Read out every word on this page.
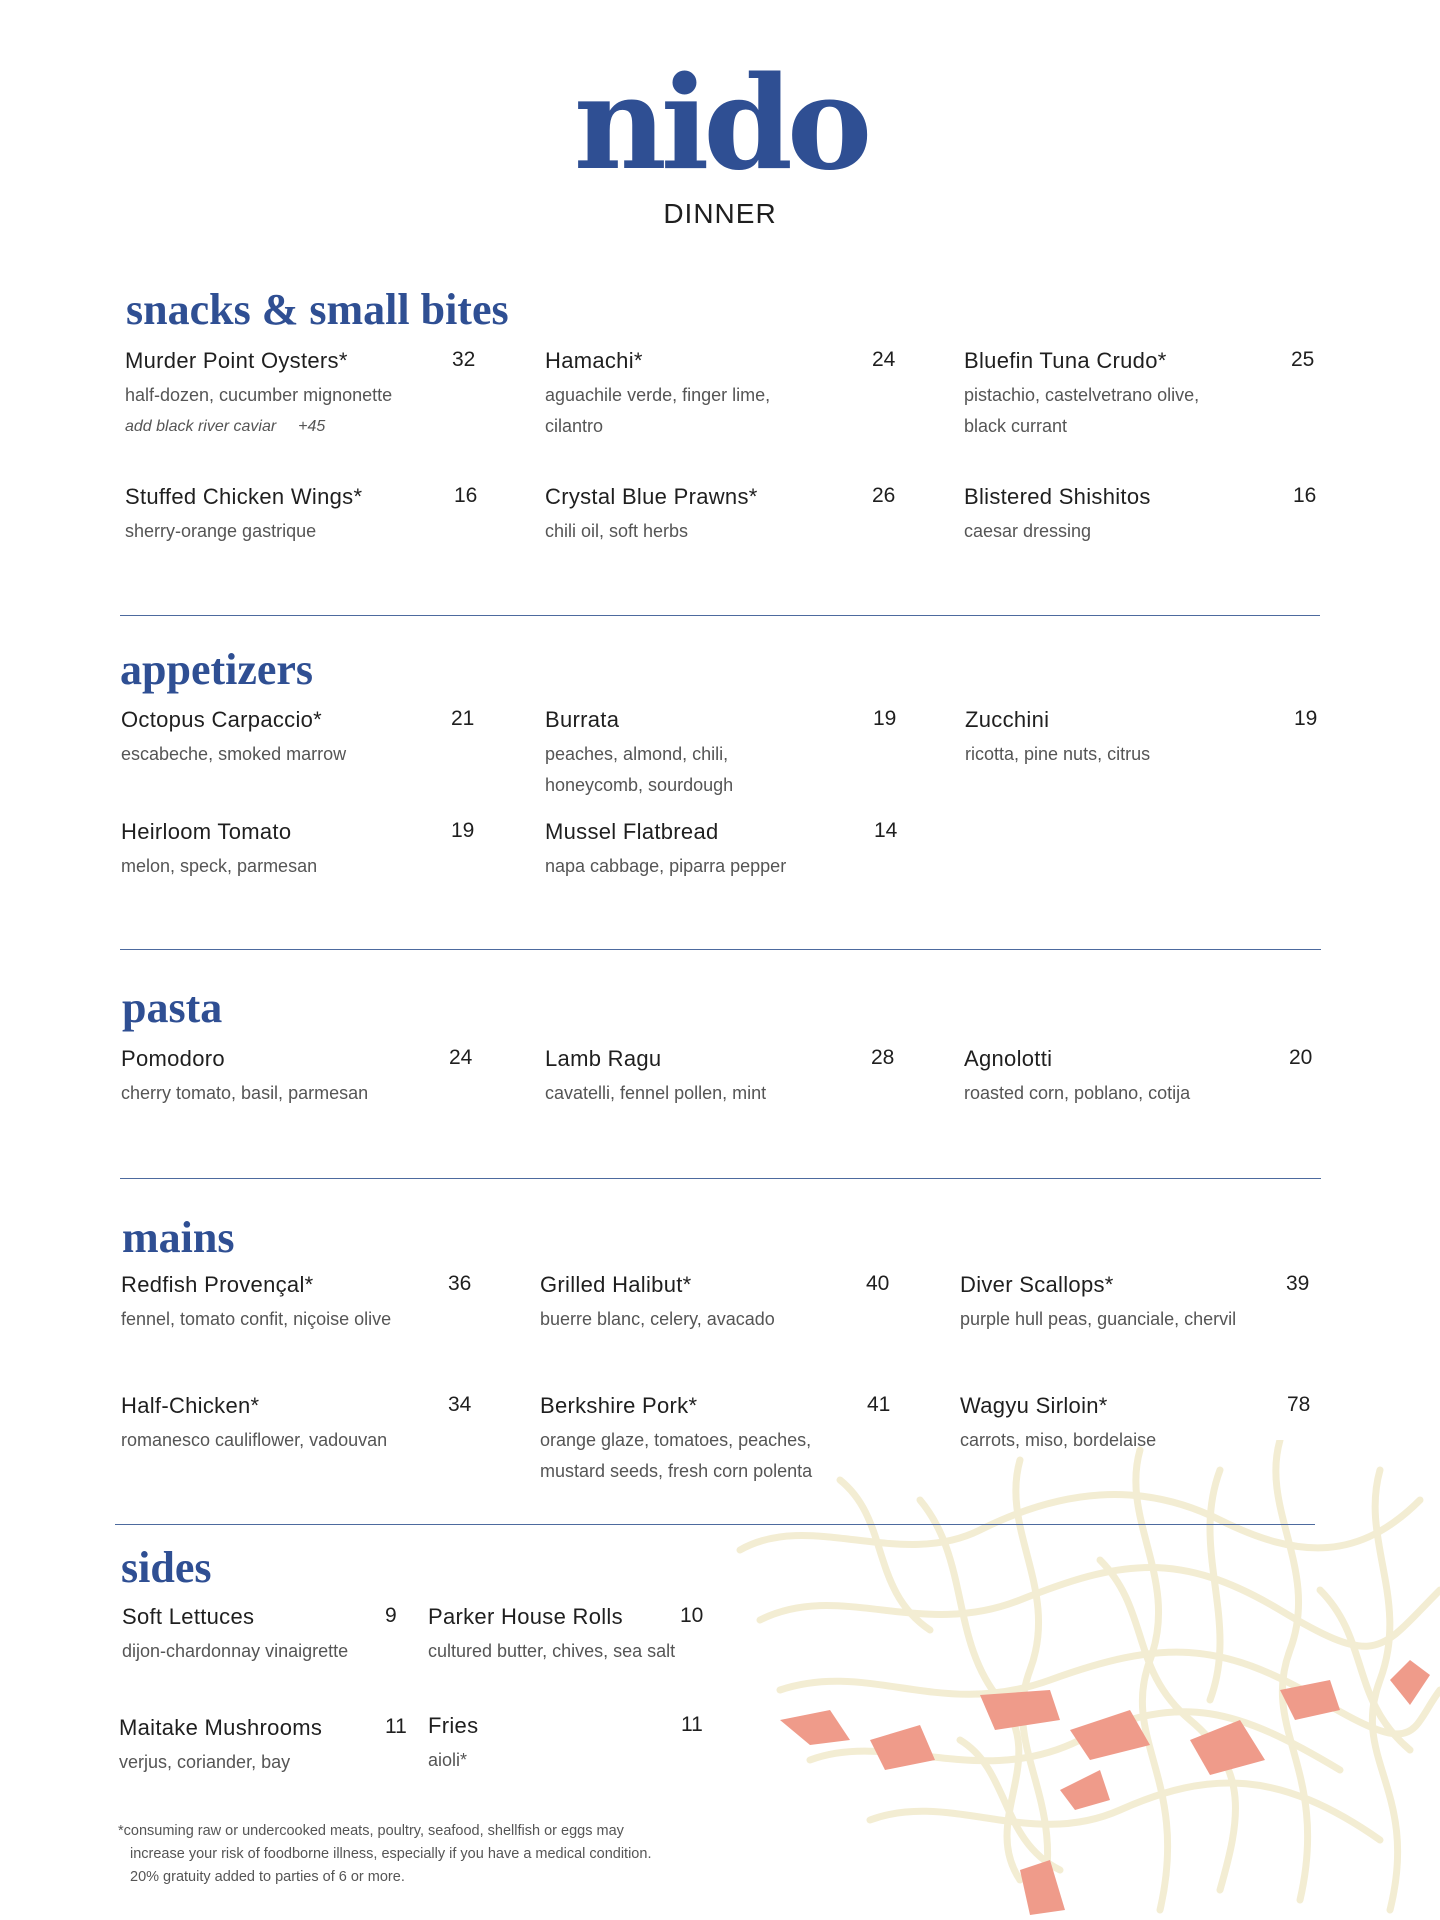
nido
DINNER
snacks & small bites
Murder Point Oysters*	32

half-dozen, cucumber mignonette

add black river caviar +45
Hamachi*	24

aguachile verde, finger lime, cilantro

Bluefin Tuna Crudo*	25

pistachio, castelvetrano olive, black currant

Stuffed Chicken Wings*	16

sherry-orange gastrique

Crystal Blue Prawns*	26

chili oil, soft herbs

Blistered Shishitos	16

caesar dressing

appetizers
Octopus Carpaccio*	21

escabeche, smoked marrow

Burrata	19

peaches, almond, chili, honeycomb, sourdough

Zucchini	19

ricotta, pine nuts, citrus

Heirloom Tomato	19

melon, speck, parmesan

Mussel Flatbread	14

napa cabbage, piparra pepper

pasta
Pomodoro	24

cherry tomato, basil, parmesan

Lamb Ragu	28

cavatelli, fennel pollen, mint

Agnolotti	20

roasted corn, poblano, cotija

mains
Redfish Provençal*	36

fennel, tomato confit, niçoise olive

Grilled Halibut*	40

buerre blanc, celery, avacado

Diver Scallops*	39

purple hull peas, guanciale, chervil

Half-Chicken*	34

romanesco cauliflower, vadouvan

Berkshire Pork*	41

orange glaze, tomatoes, peaches, mustard seeds, fresh corn polenta

Wagyu Sirloin*	78

carrots, miso, bordelaise

sides
Soft Lettuces	9

dijon-chardonnay vinaigrette

Parker House Rolls	10

cultured butter, chives, sea salt

Maitake Mushrooms	11

verjus, coriander, bay

Fries	11

aioli*

*consuming raw or undercooked meats, poultry, seafood, shellfish or eggs may

increase your risk of foodborne illness, especially if you have a medical condition.

20% gratuity added to parties of 6 or more.
